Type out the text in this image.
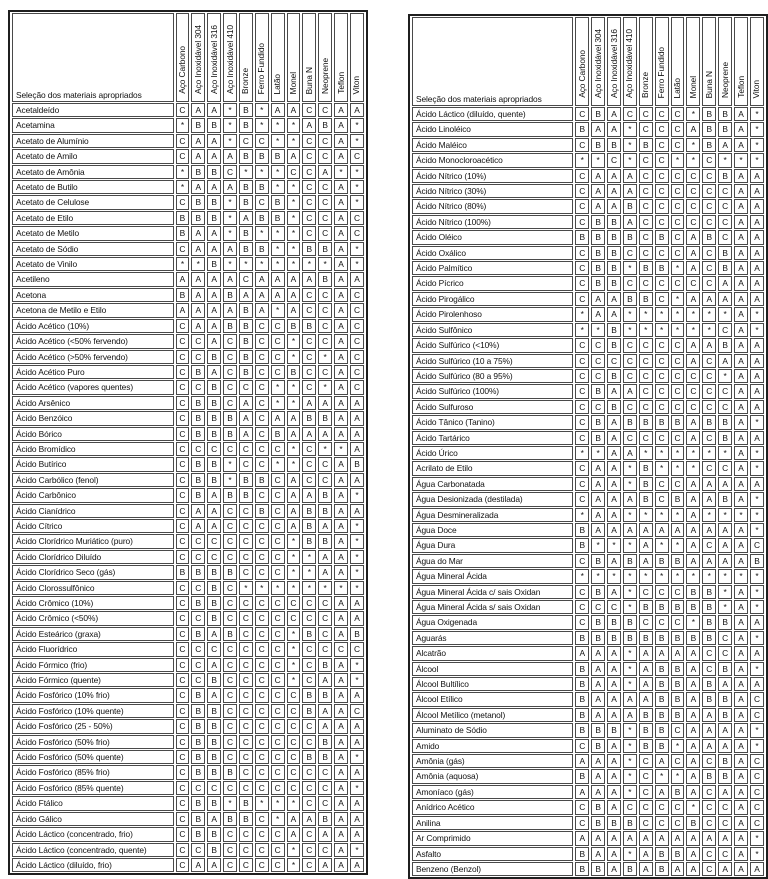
Seleção dos materiais apropriados	Aço Carbono	Aço Inoxidável 304	Aço Inoxidável 316	Aço Inoxidável 410	Bronze	Ferro Fundido	Latão	Monel	Buna N	Neoprene	Teflon	Viton
Acetaldeído	C	A	A	*	B	*	A	A	C	C	A	A
Acetamina	*	B	B	*	B	*	*	*	A	B	A	*
Acetato de Alumínio	C	A	A	*	C	C	*	*	C	C	A	*
Acetato de Amilo	C	A	A	A	B	B	B	A	C	C	A	C
Acetato de Amônia	*	B	B	C	*	*	*	C	C	A	*	*
Acetato de Butilo	*	A	A	A	B	B	*	*	C	C	A	*
Acetato de Celulose	C	B	B	*	B	C	B	*	C	C	A	*
Acetato de Etilo	B	B	B	*	A	B	B	*	C	C	A	C
Acetato de Metilo	B	A	A	*	B	*	*	*	C	C	A	C
Acetato de Sódio	C	A	A	A	B	B	*	*	B	B	A	*
Acetato de Vinilo	*	*	B	*	*	*	*	*	*	*	A	*
Acetileno	A	A	A	A	C	A	A	A	A	B	A	A
Acetona	B	A	A	B	A	A	A	A	C	C	A	C
Acetona de Metilo e Etilo	A	A	A	A	B	A	*	A	C	C	A	C
Ácido Acético (10%)	C	A	A	B	B	C	C	B	B	C	A	C
Ácido Acético (<50% fervendo)	C	C	A	C	B	C	C	*	C	C	A	C
Ácido Acético (>50% fervendo)	C	C	B	C	B	C	C	*	C	*	A	C
Ácido Acético Puro	C	B	A	C	B	C	C	B	C	C	A	C
Ácido Acético (vapores quentes)	C	C	B	C	C	C	*	*	C	*	A	C
Ácido Arsênico	C	B	B	C	A	C	*	*	A	A	A	A
Ácido Benzóico	C	B	B	B	A	C	A	A	B	B	A	A
Ácido Bórico	C	B	B	B	A	C	B	A	A	A	A	A
Ácido Bromídico	C	C	C	C	C	C	C	*	C	*	*	A
Ácido Butírico	C	B	B	*	C	C	*	*	C	C	A	B
Ácido Carbólico (fenol)	C	B	B	*	B	B	C	A	C	C	A	A
Ácido Carbônico	C	B	A	B	B	C	C	A	A	B	A	*
Ácido Cianídrico	C	A	A	C	C	B	C	A	B	B	A	A
Ácido Cítrico	C	A	A	C	C	C	C	A	B	A	A	*
Ácido Clorídrico Muriático (puro)	C	C	C	C	C	C	C	*	B	B	A	*
Ácido Clorídrico Diluído	C	C	C	C	C	C	C	*	*	A	A	*
Ácido Clorídrico Seco (gás)	B	B	B	B	C	C	C	*	*	A	A	*
Ácido Clorossulfônico	C	C	B	C	*	*	*	*	*	*	*	*
Ácido Crômico (10%)	C	B	B	C	C	C	C	C	C	C	A	A
Ácido Crômico (<50%)	C	C	B	C	C	C	C	C	C	C	A	A
Ácido Esteárico (graxa)	C	B	A	B	C	C	C	*	B	C	A	B
Ácido Fluorídrico	C	C	C	C	C	C	C	*	C	C	C	C
Ácido Fórmico (frio)	C	C	A	C	C	C	C	*	C	B	A	*
Ácido Fórmico (quente)	C	C	B	C	C	C	C	*	C	A	A	*
Ácido Fosfórico (10% frio)	C	B	A	C	C	C	C	C	B	B	A	A
Ácido Fosfórico (10% quente)	C	B	B	C	C	C	C	C	B	A	A	C
Ácido Fosfórico (25 - 50%)	C	B	B	C	C	C	C	C	C	A	A	A
Ácido Fosfórico (50% frio)	C	B	B	C	C	C	C	C	C	B	A	A
Ácido Fosfórico (50% quente)	C	B	B	C	C	C	C	C	B	B	A	*
Ácido Fosfórico (85% frio)	C	B	B	B	C	C	C	C	C	C	A	A
Ácido Fosfórico (85% quente)	C	C	C	C	C	C	C	C	C	C	A	*
Ácido Ftálico	C	B	B	*	B	*	*	*	C	C	A	A
Ácido Gálico	C	B	A	B	B	C	*	A	A	B	A	A
Ácido Láctico (concentrado, frio)	C	B	B	C	C	C	C	A	C	A	A	A
Ácido Láctico (concentrado, quente)	C	C	B	C	C	C	C	*	C	C	A	*
Ácido Láctico (diluído, frio)	C	A	A	C	C	C	C	*	C	A	A	A
Seleção dos materiais apropriados	Aço Carbono	Aço Inoxidável 304	Aço Inoxidável 316	Aço Inoxidável 410	Bronze	Ferro Fundido	Latão	Monel	Buna N	Neoprene	Teflon	Viton
Ácido Láctico (diluído, quente)	C	B	A	C	C	C	C	*	B	B	A	*
Ácido Linoléico	B	A	A	*	C	C	C	A	B	B	A	*
Ácido Maléico	C	B	B	*	B	C	C	*	B	A	A	*
Ácido Monocloroacético	*	*	C	*	C	C	*	*	C	*	*	*
Ácido Nítrico (10%)	C	A	A	A	C	C	C	C	C	B	A	A
Ácido Nítrico (30%)	C	A	A	A	C	C	C	C	C	C	A	A
Ácido Nítrico (80%)	C	A	A	B	C	C	C	C	C	C	A	A
Ácido Nítrico (100%)	C	B	B	A	C	C	C	C	C	C	A	A
Ácido Oléico	B	B	B	B	C	B	C	A	B	C	A	A
Ácido Oxálico	C	B	B	C	C	C	C	A	C	B	A	A
Ácido Palmítico	C	B	B	*	B	B	*	A	C	B	A	A
Ácido Pícrico	C	B	B	C	C	C	C	C	C	A	A	A
Ácido Pirogálico	C	A	A	B	B	C	*	A	A	A	A	A
Ácido Pirolenhoso	*	A	A	*	*	*	*	*	*	*	A	*
Ácido Sulfônico	*	*	B	*	*	*	*	*	*	C	A	*
Ácido Sulfúrico (<10%)	C	C	B	C	C	C	C	A	A	B	A	A
Ácido Sulfúrico (10 a 75%)	C	C	C	C	C	C	C	A	C	A	A	A
Ácido Sulfúrico (80 a 95%)	C	C	B	C	C	C	C	C	C	*	A	A
Ácido Sulfúrico (100%)	C	B	A	A	C	C	C	C	C	C	A	A
Ácido Sulfuroso	C	C	B	C	C	C	C	C	C	C	A	A
Ácido Tânico (Tanino)	C	B	A	B	B	B	B	A	B	B	A	*
Ácido Tartárico	C	B	A	C	C	C	C	A	C	B	A	A
Ácido Úrico	*	*	A	A	*	*	*	*	*	*	A	*
Acrilato de Etilo	C	A	A	*	B	*	*	*	C	C	A	*
Água Carbonatada	C	A	A	*	B	C	C	A	A	A	A	A
Água Desionizada (destilada)	C	A	A	A	B	C	B	A	A	B	A	*
Água Desmineralizada	*	A	A	*	*	*	*	A	*	*	*	*
Água Doce	B	A	A	A	A	A	A	A	A	A	A	*
Água Dura	B	*	*	*	A	*	*	A	C	A	A	C
Água do Mar	C	B	A	B	A	B	B	A	A	A	A	B
Água Mineral Ácida	*	*	*	*	*	*	*	*	*	*	*	*
Água Mineral Ácida c/ sais Oxidan	C	B	A	*	C	C	C	B	B	*	A	*
Água Mineral Ácida s/ sais Oxidan	C	C	C	*	B	B	B	B	B	*	A	*
Água Oxigenada	C	B	B	B	C	C	C	*	B	B	A	A
Aguarás	B	B	B	B	B	B	B	B	B	C	A	*
Alcatrão	A	A	A	*	A	A	A	A	C	C	A	A
Álcool	B	A	A	*	A	B	B	A	C	B	A	*
Álcool Bultílico	B	A	A	*	A	B	B	A	B	A	A	A
Álcool Etílico	B	A	A	A	A	B	B	A	B	B	A	C
Álcool Metílico (metanol)	B	A	A	A	B	B	B	A	A	B	A	C
Aluminato de Sódio	B	B	B	*	B	B	C	A	A	A	A	*
Amido	C	B	A	*	B	B	*	A	A	A	A	*
Amônia (gás)	A	A	A	*	C	A	C	A	C	B	A	C
Amônia (aquosa)	B	A	A	*	C	*	*	A	B	B	A	C
Amoníaco (gás)	A	A	A	*	C	A	B	A	C	A	A	C
Anídrico Acético	C	B	A	C	C	C	C	*	C	C	A	C
Anilina	C	B	B	B	C	C	C	B	C	C	A	C
Ar Comprimido	A	A	A	A	A	A	A	A	A	A	A	*
Asfalto	B	A	A	*	A	B	B	A	C	C	A	*
Benzeno (Benzol)	B	B	A	B	A	B	A	A	C	A	A	A
